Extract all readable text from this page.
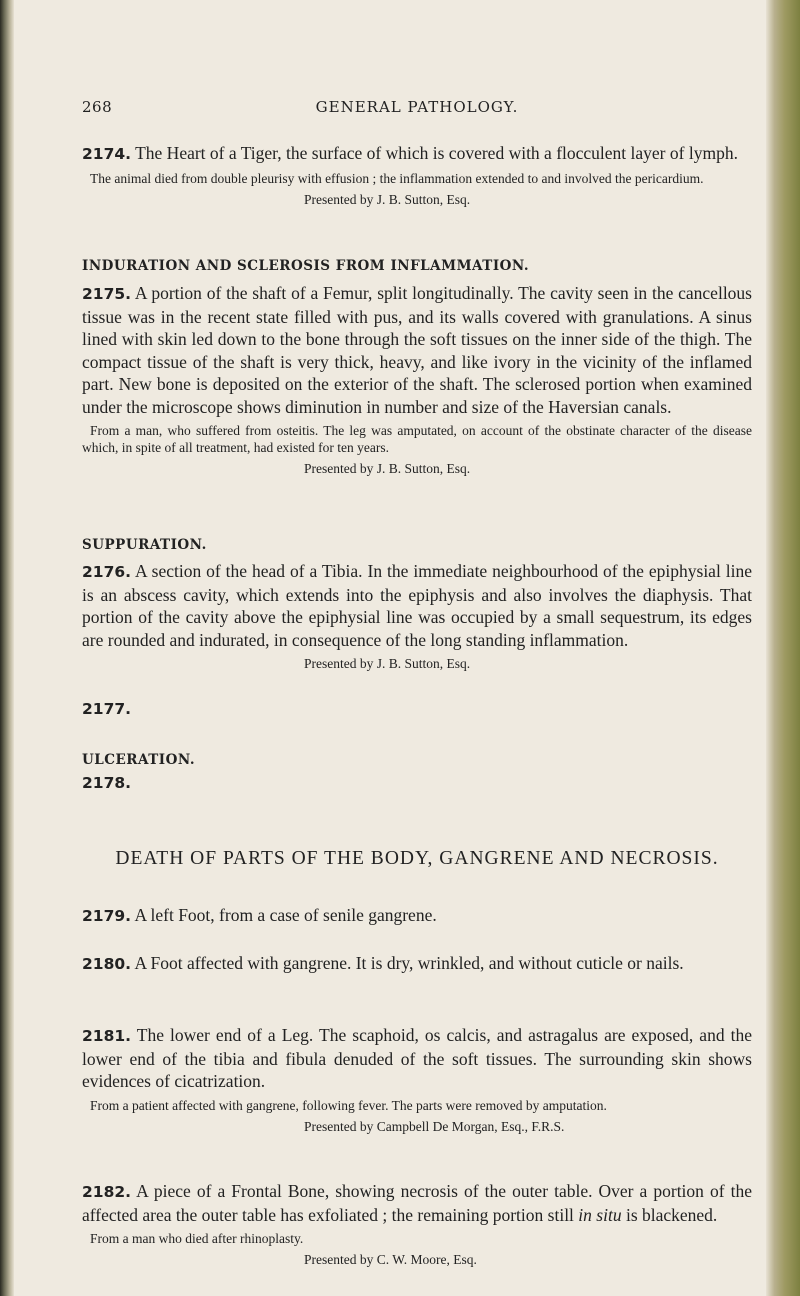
268	GENERAL PATHOLOGY.

2174. The Heart of a Tiger, the surface of which is covered with a flocculent layer of lymph.

The animal died from double pleurisy with effusion ; the inflammation extended to and involved the pericardium.

Presented by J. B. Sutton, Esq.

INDURATION AND SCLEROSIS FROM INFLAMMATION.

2175. A portion of the shaft of a Femur, split longitudinally. The cavity seen in the cancellous tissue was in the recent state filled with pus, and its walls covered with granulations. A sinus lined with skin led down to the bone through the soft tissues on the inner side of the thigh. The compact tissue of the shaft is very thick, heavy, and like ivory in the vicinity of the inflamed part. New bone is deposited on the exterior of the shaft. The sclerosed portion when examined under the microscope shows diminution in number and size of the Haversian canals.

From a man, who suffered from osteitis. The leg was amputated, on account of the obstinate character of the disease which, in spite of all treatment, had existed for ten years.

Presented by J. B. Sutton, Esq.

SUPPURATION.

2176. A section of the head of a Tibia. In the immediate neighbourhood of the epiphysial line is an abscess cavity, which extends into the epiphysis and also involves the diaphysis. That portion of the cavity above the epiphysial line was occupied by a small sequestrum, its edges are rounded and indurated, in consequence of the long standing inflammation.

Presented by J. B. Sutton, Esq.

2177.

ULCERATION.

2178.

DEATH OF PARTS OF THE BODY, GANGRENE AND NECROSIS.

2179. A left Foot, from a case of senile gangrene.

2180. A Foot affected with gangrene. It is dry, wrinkled, and without cuticle or nails.

2181. The lower end of a Leg. The scaphoid, os calcis, and astragalus are exposed, and the lower end of the tibia and fibula denuded of the soft tissues. The surrounding skin shows evidences of cicatrization.

From a patient affected with gangrene, following fever. The parts were removed by amputation.

Presented by Campbell De Morgan, Esq., F.R.S.

2182. A piece of a Frontal Bone, showing necrosis of the outer table. Over a portion of the affected area the outer table has exfoliated ; the remaining portion still in situ is blackened.

From a man who died after rhinoplasty.

Presented by C. W. Moore, Esq.
